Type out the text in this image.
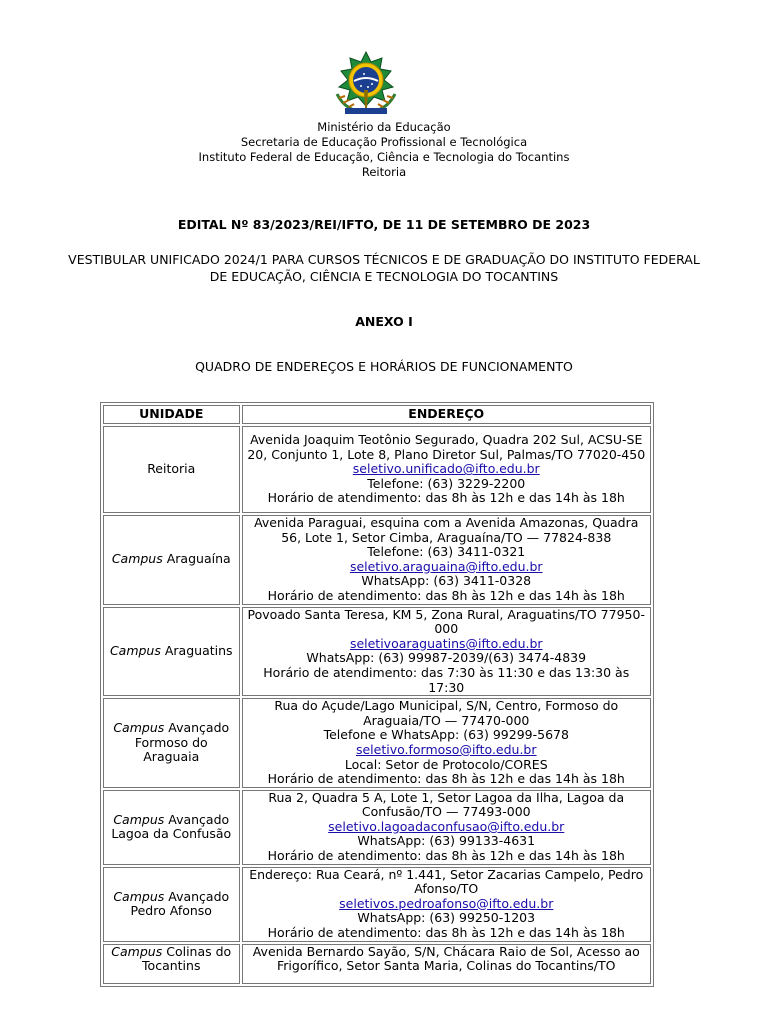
Ministério da Educação
Secretaria de Educação Profissional e Tecnológica
Instituto Federal de Educação, Ciência e Tecnologia do Tocantins
Reitoria
EDITAL Nº 83/2023/REI/IFTO, DE 11 DE SETEMBRO DE 2023
VESTIBULAR UNIFICADO 2024/1 PARA CURSOS TÉCNICOS E DE GRADUAÇÃO DO INSTITUTO FEDERAL DE EDUCAÇÃO, CIÊNCIA E TECNOLOGIA DO TOCANTINS
ANEXO I
QUADRO DE ENDEREÇOS E HORÁRIOS DE FUNCIONAMENTO
UNIDADE	ENDEREÇO
Reitoria	Avenida Joaquim Teotônio Segurado, Quadra 202 Sul, ACSU-SE 20, Conjunto 1, Lote 8, Plano Diretor Sul, Palmas/TO 77020-450
seletivo.unificado@ifto.edu.br
Telefone: (63) 3229-2200
Horário de atendimento: das 8h às 12h e das 14h às 18h

Campus Araguaína	Avenida Paraguai, esquina com a Avenida Amazonas, Quadra 56, Lote 1, Setor Cimba, Araguaína/TO — 77824-838
Telefone: (63) 3411-0321
seletivo.araguaina@ifto.edu.br
WhatsApp: (63) 3411-0328
Horário de atendimento: das 8h às 12h e das 14h às 18h

Campus Araguatins	Povoado Santa Teresa, KM 5, Zona Rural, Araguatins/TO 77950-000
seletivoaraguatins@ifto.edu.br
WhatsApp: (63) 99987-2039/(63) 3474-4839
Horário de atendimento: das 7:30 às 11:30 e das 13:30 às 17:30

Campus Avançado Formoso do Araguaia	Rua do Açude/Lago Municipal, S/N, Centro, Formoso do Araguaia/TO — 77470-000
Telefone e WhatsApp: (63) 99299-5678
seletivo.formoso@ifto.edu.br
Local: Setor de Protocolo/CORES
Horário de atendimento: das 8h às 12h e das 14h às 18h

Campus Avançado Lagoa da Confusão	Rua 2, Quadra 5 A, Lote 1, Setor Lagoa da Ilha, Lagoa da Confusão/TO — 77493-000
seletivo.lagoadaconfusao@ifto.edu.br
WhatsApp: (63) 99133-4631
Horário de atendimento: das 8h às 12h e das 14h às 18h

Campus Avançado Pedro Afonso	Endereço: Rua Ceará, nº 1.441, Setor Zacarias Campelo, Pedro Afonso/TO
seletivos.pedroafonso@ifto.edu.br
WhatsApp: (63) 99250-1203
Horário de atendimento: das 8h às 12h e das 14h às 18h

Campus Colinas do Tocantins	Avenida Bernardo Sayão, S/N, Chácara Raio de Sol, Acesso ao Frigorífico, Setor Santa Maria, Colinas do Tocantins/TO
